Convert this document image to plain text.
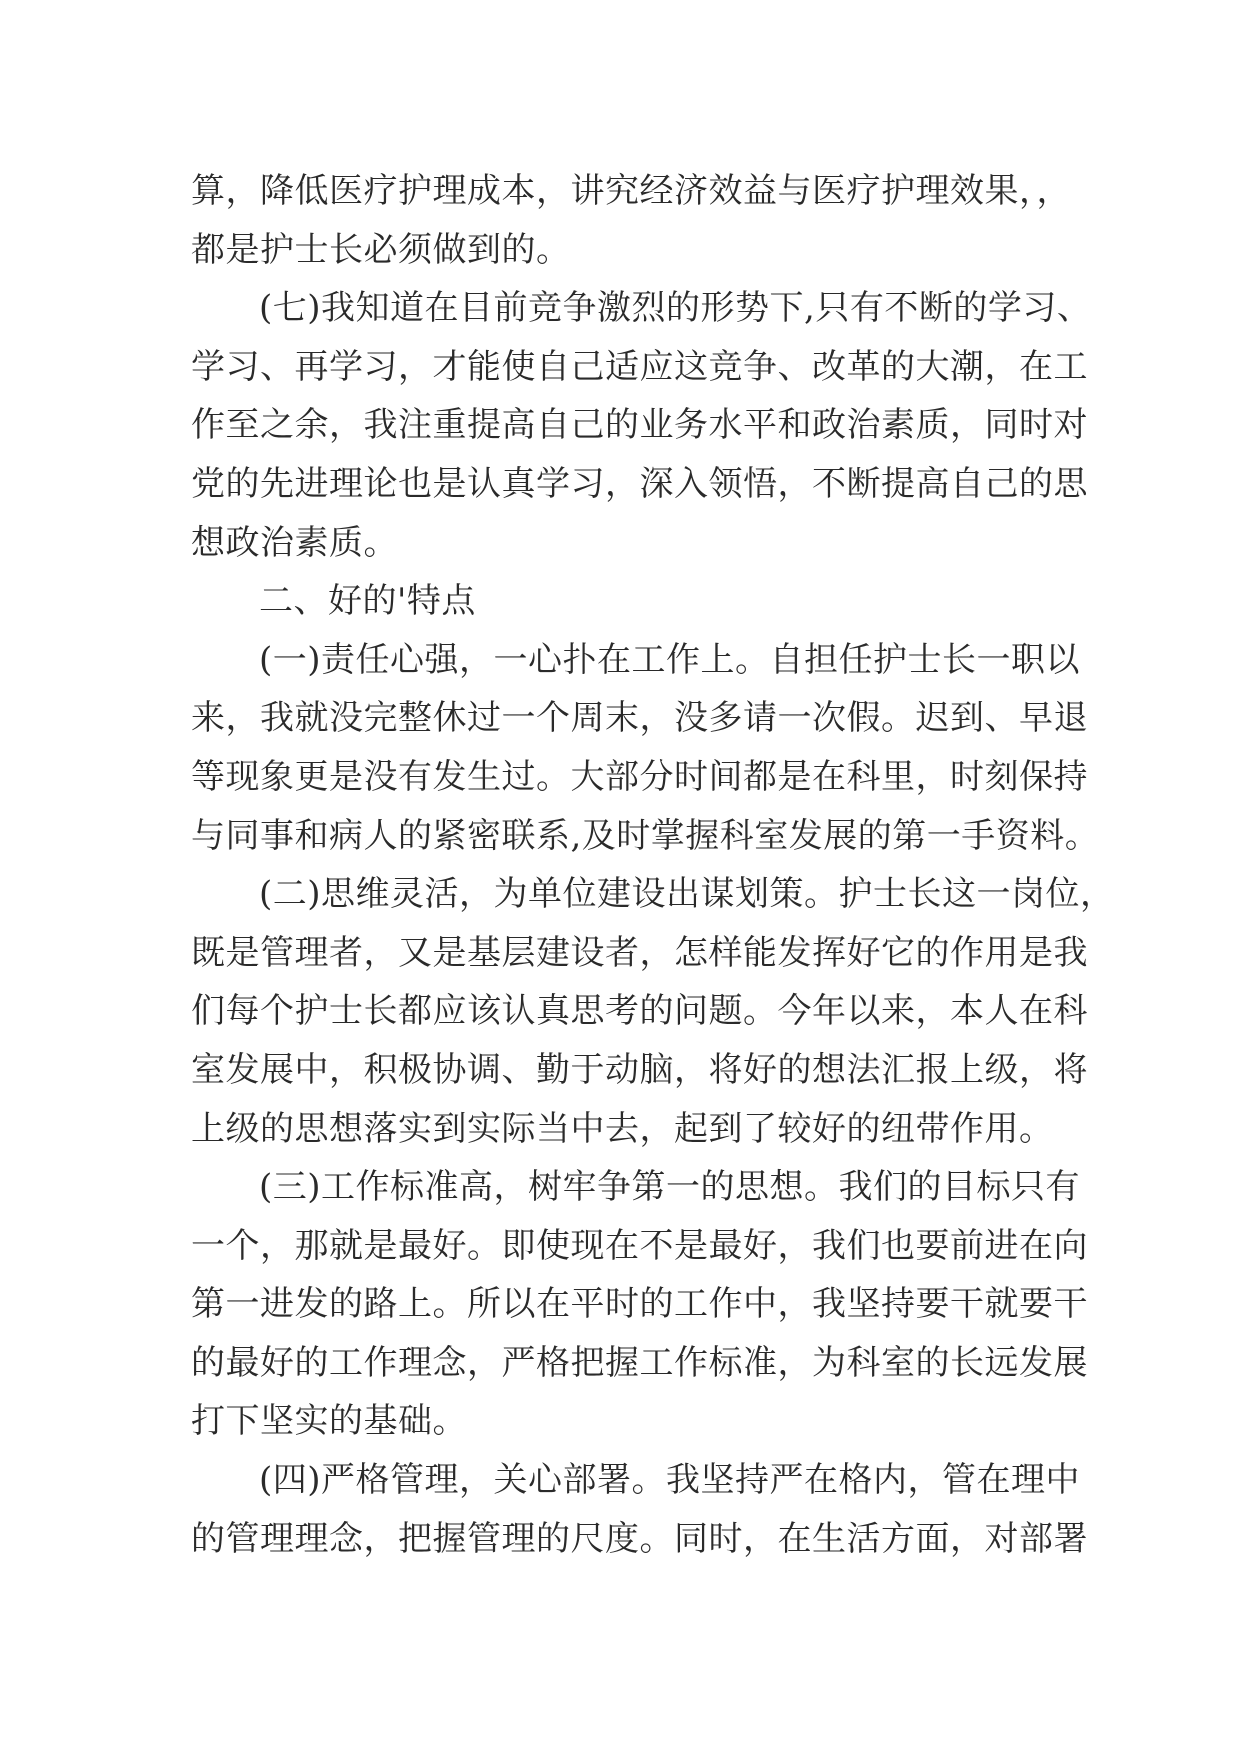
算，降低医疗护理成本，讲究经济效益与医疗护理效果，，
都是护士长必须做到的。
(七)我知道在目前竞争激烈的形势下,只有不断的学习、
学习、再学习，才能使自己适应这竞争、改革的大潮，在工
作至之余，我注重提高自己的业务水平和政治素质，同时对
党的先进理论也是认真学习，深入领悟，不断提高自己的思
想政治素质。
二、好的'特点
(一)责任心强，一心扑在工作上。自担任护士长一职以
来，我就没完整休过一个周末，没多请一次假。迟到、早退
等现象更是没有发生过。大部分时间都是在科里，时刻保持
与同事和病人的紧密联系,及时掌握科室发展的第一手资料。
(二)思维灵活，为单位建设出谋划策。护士长这一岗位，
既是管理者，又是基层建设者，怎样能发挥好它的作用是我
们每个护士长都应该认真思考的问题。今年以来，本人在科
室发展中，积极协调、勤于动脑，将好的想法汇报上级，将
上级的思想落实到实际当中去，起到了较好的纽带作用。
(三)工作标准高，树牢争第一的思想。我们的目标只有
一个，那就是最好。即使现在不是最好，我们也要前进在向
第一进发的路上。所以在平时的工作中，我坚持要干就要干
的最好的工作理念，严格把握工作标准，为科室的长远发展
打下坚实的基础。
(四)严格管理，关心部署。我坚持严在格内，管在理中
的管理理念，把握管理的尺度。同时，在生活方面，对部署
